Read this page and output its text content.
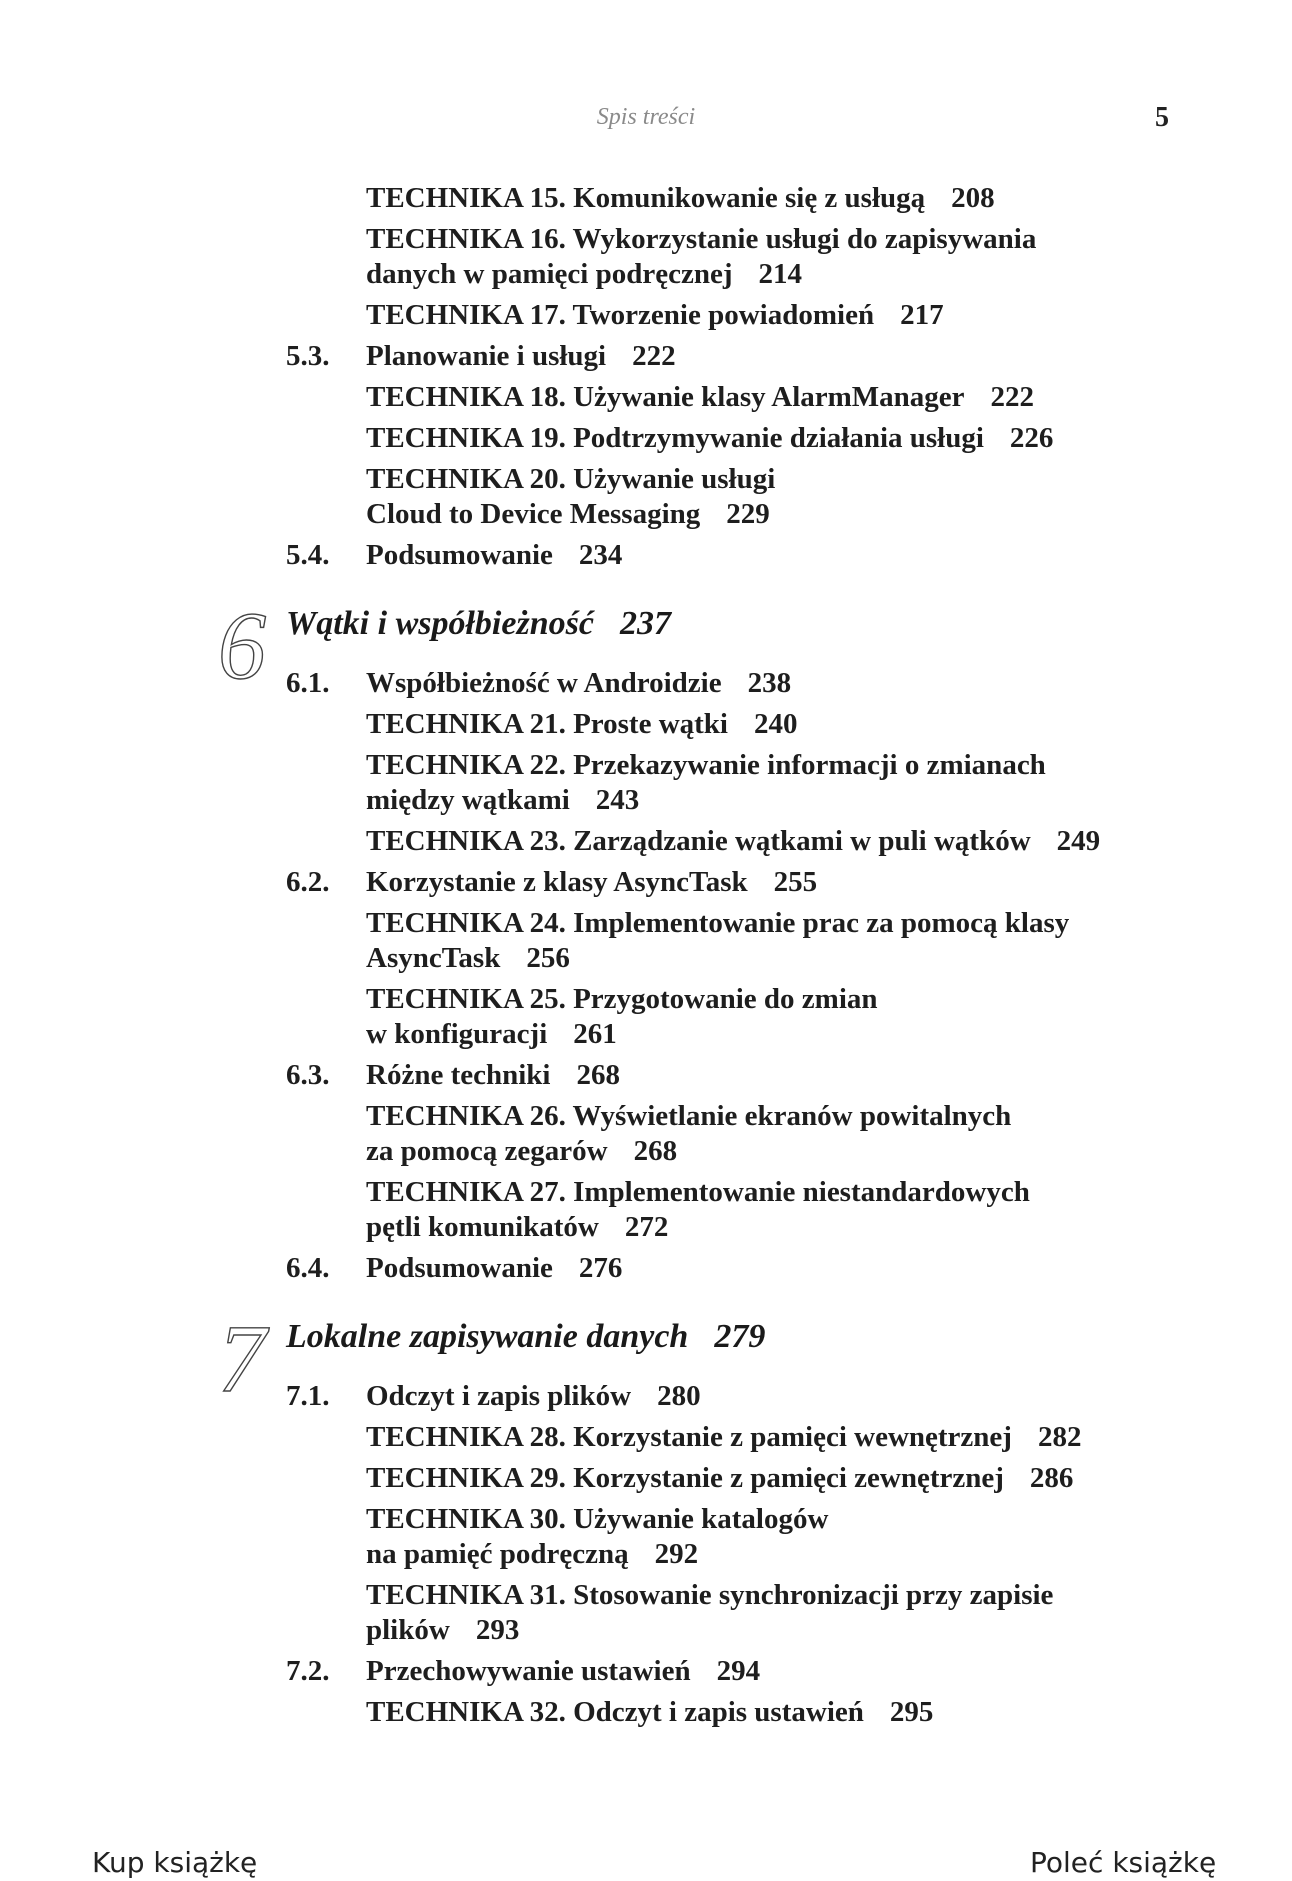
Spis treści	5
TECHNIKA 15. Komunikowanie się z usługą 208
TECHNIKA 16. Wykorzystanie usługi do zapisywania
danych w pamięci podręcznej 214
TECHNIKA 17. Tworzenie powiadomień 217
5.3. Planowanie i usługi 222
TECHNIKA 18. Używanie klasy AlarmManager 222
TECHNIKA 19. Podtrzymywanie działania usługi 226
TECHNIKA 20. Używanie usługi
Cloud to Device Messaging 229
5.4. Podsumowanie 234
6 Wątki i współbieżność 237
6.1. Współbieżność w Androidzie 238
TECHNIKA 21. Proste wątki 240
TECHNIKA 22. Przekazywanie informacji o zmianach
między wątkami 243
TECHNIKA 23. Zarządzanie wątkami w puli wątków 249
6.2. Korzystanie z klasy AsyncTask 255
TECHNIKA 24. Implementowanie prac za pomocą klasy
AsyncTask 256
TECHNIKA 25. Przygotowanie do zmian
w konfiguracji 261
6.3. Różne techniki 268
TECHNIKA 26. Wyświetlanie ekranów powitalnych
za pomocą zegarów 268
TECHNIKA 27. Implementowanie niestandardowych
pętli komunikatów 272
6.4. Podsumowanie 276
7 Lokalne zapisywanie danych 279
7.1. Odczyt i zapis plików 280
TECHNIKA 28. Korzystanie z pamięci wewnętrznej 282
TECHNIKA 29. Korzystanie z pamięci zewnętrznej 286
TECHNIKA 30. Używanie katalogów
na pamięć podręczną 292
TECHNIKA 31. Stosowanie synchronizacji przy zapisie
plików 293
7.2. Przechowywanie ustawień 294
TECHNIKA 32. Odczyt i zapis ustawień 295
Kup książkę	Poleć książkę
